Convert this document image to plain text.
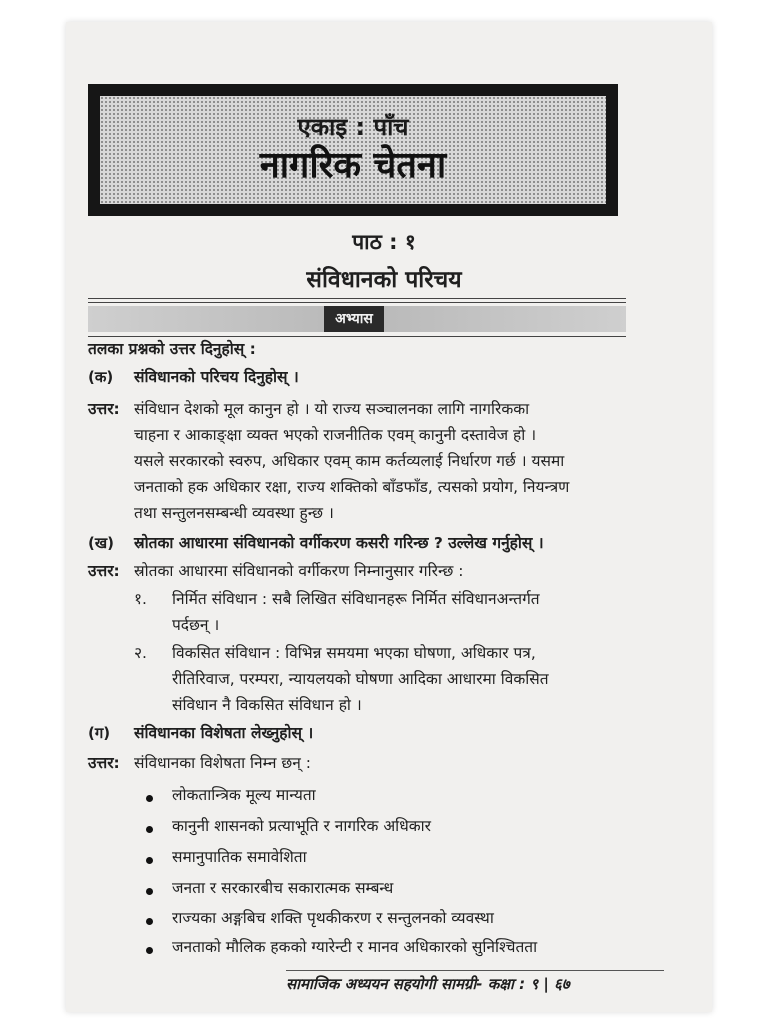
एकाइ : पाँच
नागरिक चेतना
पाठ : १
संविधानको परिचय
अभ्यास
तलका प्रश्नको उत्तर दिनुहोस् :
(क) संविधानको परिचय दिनुहोस् ।
उत्तर: संविधान देशको मूल कानुन हो । यो राज्य सञ्चालनका लागि नागरिकका
चाहना र आकाङ्क्षा व्यक्त भएको राजनीतिक एवम् कानुनी दस्तावेज हो ।
यसले सरकारको स्वरुप, अधिकार एवम् काम कर्तव्यलाई निर्धारण गर्छ । यसमा
जनताको हक अधिकार रक्षा, राज्य शक्तिको बाँडफाँड, त्यसको प्रयोग, नियन्त्रण
तथा सन्तुलनसम्बन्धी व्यवस्था हुन्छ ।
(ख) स्रोतका आधारमा संविधानको वर्गीकरण कसरी गरिन्छ ? उल्लेख गर्नुहोस् ।
उत्तर: स्रोतका आधारमा संविधानको वर्गीकरण निम्नानुसार गरिन्छ :
१. निर्मित संविधान : सबै लिखित संविधानहरू निर्मित संविधानअन्तर्गत
पर्दछन् ।
२. विकसित संविधान : विभिन्न समयमा भएका घोषणा, अधिकार पत्र,
रीतिरिवाज, परम्परा, न्यायलयको घोषणा आदिका आधारमा विकसित
संविधान नै विकसित संविधान हो ।
(ग) संविधानका विशेषता लेख्नुहोस् ।
उत्तर: संविधानका विशेषता निम्न छन् :
लोकतान्त्रिक मूल्य मान्यता
कानुनी शासनको प्रत्याभूति र नागरिक अधिकार
समानुपातिक समावेशिता
जनता र सरकारबीच सकारात्मक सम्बन्ध
राज्यका अङ्गबिच शक्ति पृथकीकरण र सन्तुलनको व्यवस्था
जनताको मौलिक हकको ग्यारेन्टी र मानव अधिकारको सुनिश्चितता
सामाजिक अध्ययन सहयोगी सामग्री- कक्षा : ९ | ६७
